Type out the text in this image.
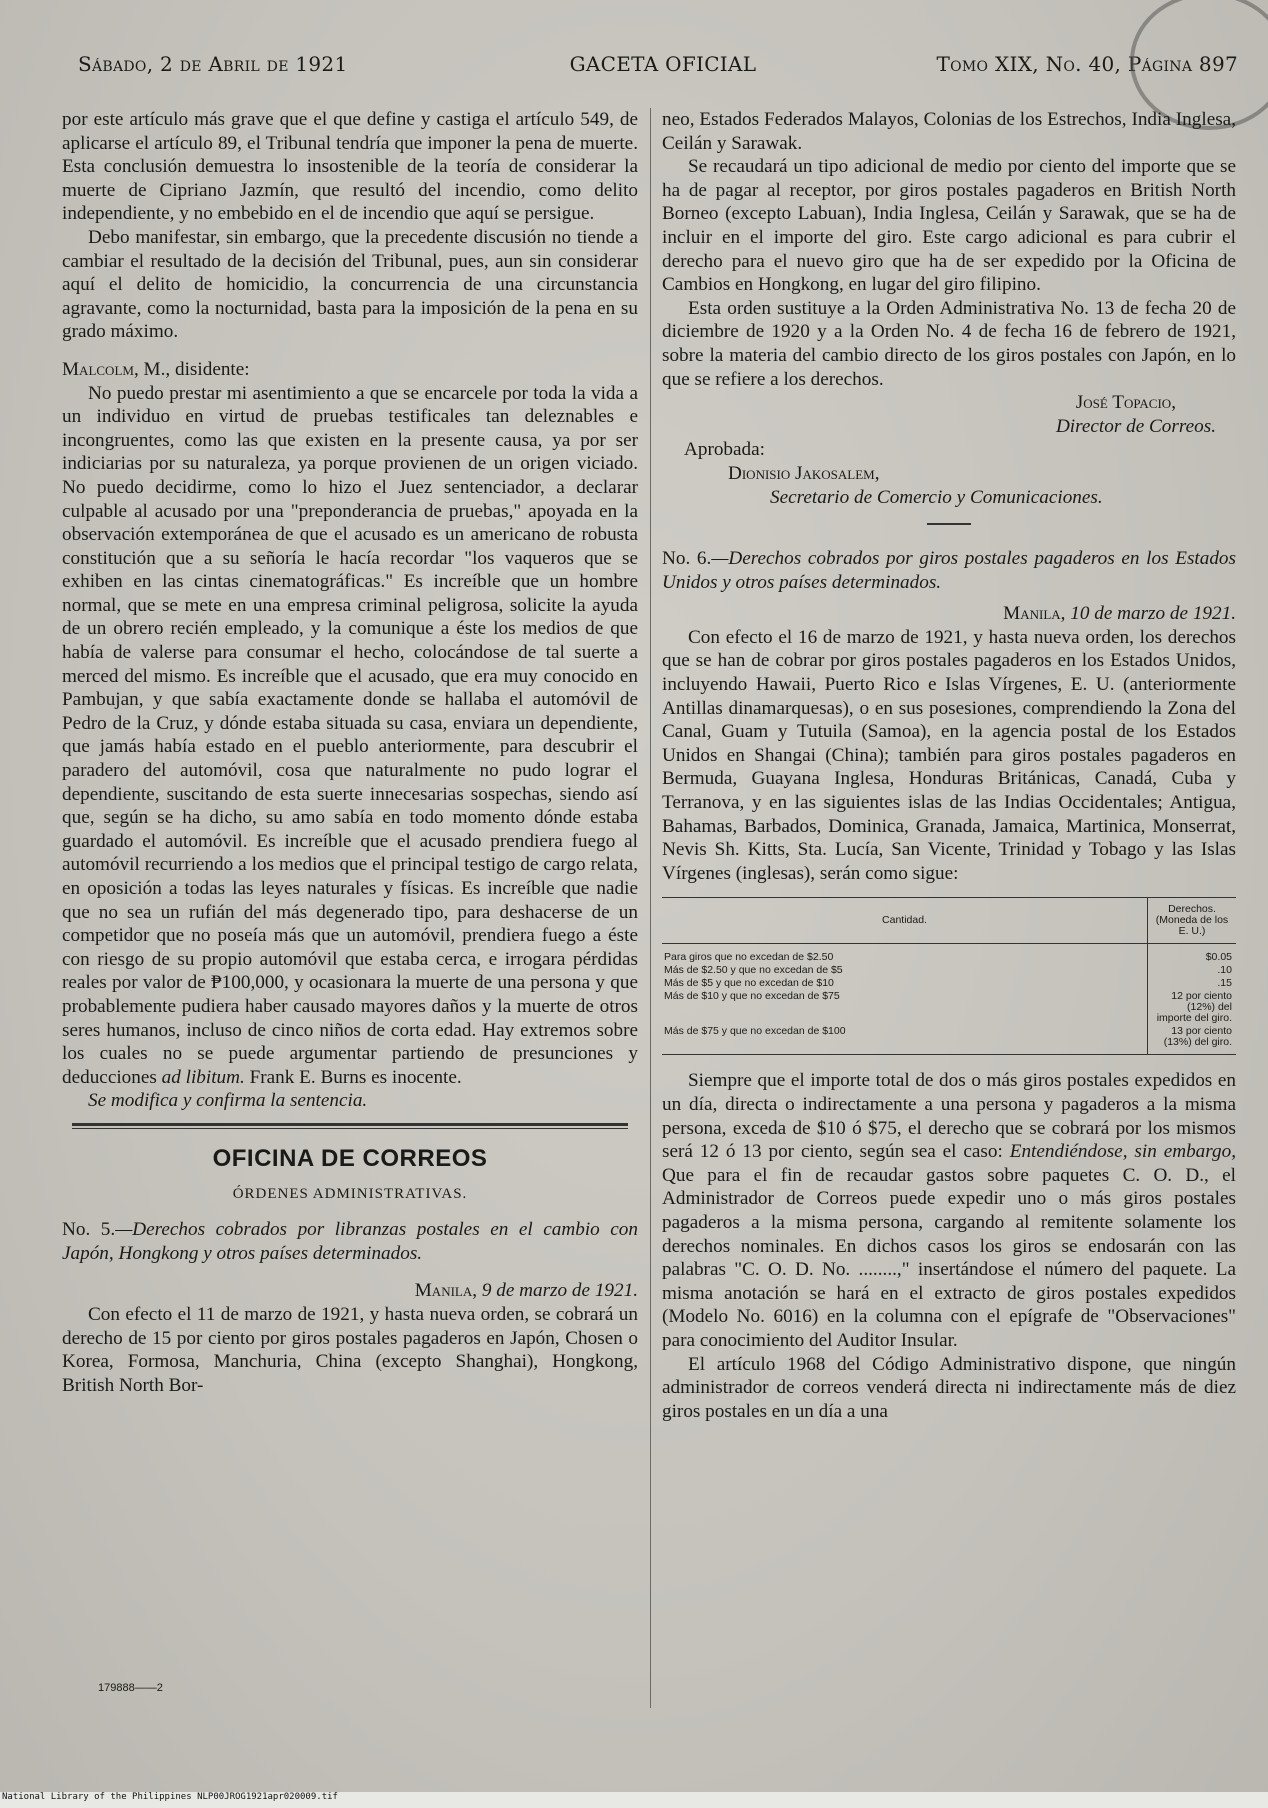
Sábado, 2 de Abril de 1921	GACETA OFICIAL	Tomo XIX, No. 40, Página 897

por este artículo más grave que el que define y castiga el artículo 549, de aplicarse el artículo 89, el Tribunal tendría que imponer la pena de muerte. Esta conclusión demuestra lo insostenible de la teoría de considerar la muerte de Cipriano Jazmín, que resultó del incendio, como delito independiente, y no embebido en el de incendio que aquí se persigue.

Debo manifestar, sin embargo, que la precedente discusión no tiende a cambiar el resultado de la decisión del Tribunal, pues, aun sin considerar aquí el delito de homicidio, la concurrencia de una circunstancia agravante, como la nocturnidad, basta para la imposición de la pena en su grado máximo.

Malcolm, M., disidente:

No puedo prestar mi asentimiento a que se encarcele por toda la vida a un individuo en virtud de pruebas testificales tan deleznables e incongruentes, como las que existen en la presente causa, ya por ser indiciarias por su naturaleza, ya porque provienen de un origen viciado. No puedo decidirme, como lo hizo el Juez sentenciador, a declarar culpable al acusado por una "preponderancia de pruebas," apoyada en la observación extemporánea de que el acusado es un americano de robusta constitución que a su señoría le hacía recordar "los vaqueros que se exhiben en las cintas cinematográficas." Es increíble que un hombre normal, que se mete en una empresa criminal peligrosa, solicite la ayuda de un obrero recién empleado, y la comunique a éste los medios de que había de valerse para consumar el hecho, colocándose de tal suerte a merced del mismo. Es increíble que el acusado, que era muy conocido en Pambujan, y que sabía exactamente donde se hallaba el automóvil de Pedro de la Cruz, y dónde estaba situada su casa, enviara un dependiente, que jamás había estado en el pueblo anteriormente, para descubrir el paradero del automóvil, cosa que naturalmente no pudo lograr el dependiente, suscitando de esta suerte innecesarias sospechas, siendo así que, según se ha dicho, su amo sabía en todo momento dónde estaba guardado el automóvil. Es increíble que el acusado prendiera fuego al automóvil recurriendo a los medios que el principal testigo de cargo relata, en oposición a todas las leyes naturales y físicas. Es increíble que nadie que no sea un rufián del más degenerado tipo, para deshacerse de un competidor que no poseía más que un automóvil, prendiera fuego a éste con riesgo de su propio automóvil que estaba cerca, e irrogara pérdidas reales por valor de ₱100,000, y ocasionara la muerte de una persona y que probablemente pudiera haber causado mayores daños y la muerte de otros seres humanos, incluso de cinco niños de corta edad. Hay extremos sobre los cuales no se puede argumentar partiendo de presunciones y deducciones ad libitum. Frank E. Burns es inocente.

Se modifica y confirma la sentencia.

OFICINA DE CORREOS
ÓRDENES ADMINISTRATIVAS.

No. 5.—Derechos cobrados por libranzas postales en el cambio con Japón, Hongkong y otros países determinados.

Manila, 9 de marzo de 1921.

Con efecto el 11 de marzo de 1921, y hasta nueva orden, se cobrará un derecho de 15 por ciento por giros postales pagaderos en Japón, Chosen o Korea, Formosa, Manchuria, China (excepto Shanghai), Hongkong, British North Bor-

179888——2

neo, Estados Federados Malayos, Colonias de los Estrechos, India Inglesa, Ceilán y Sarawak.

Se recaudará un tipo adicional de medio por ciento del importe que se ha de pagar al receptor, por giros postales pagaderos en British North Borneo (excepto Labuan), India Inglesa, Ceilán y Sarawak, que se ha de incluir en el importe del giro. Este cargo adicional es para cubrir el derecho para el nuevo giro que ha de ser expedido por la Oficina de Cambios en Hongkong, en lugar del giro filipino.

Esta orden sustituye a la Orden Administrativa No. 13 de fecha 20 de diciembre de 1920 y a la Orden No. 4 de fecha 16 de febrero de 1921, sobre la materia del cambio directo de los giros postales con Japón, en lo que se refiere a los derechos.

José Topacio,

Director de Correos.

Aprobada:

Dionisio Jakosalem,

Secretario de Comercio y Comunicaciones.

No. 6.—Derechos cobrados por giros postales pagaderos en los Estados Unidos y otros países determinados.

Manila, 10 de marzo de 1921.

Con efecto el 16 de marzo de 1921, y hasta nueva orden, los derechos que se han de cobrar por giros postales pagaderos en los Estados Unidos, incluyendo Hawaii, Puerto Rico e Islas Vírgenes, E. U. (anteriormente Antillas dinamarquesas), o en sus posesiones, comprendiendo la Zona del Canal, Guam y Tutuila (Samoa), en la agencia postal de los Estados Unidos en Shangai (China); también para giros postales pagaderos en Bermuda, Guayana Inglesa, Honduras Británicas, Canadá, Cuba y Terranova, y en las siguientes islas de las Indias Occidentales; Antigua, Bahamas, Barbados, Dominica, Granada, Jamaica, Martinica, Monserrat, Nevis Sh. Kitts, Sta. Lucía, San Vicente, Trinidad y Tobago y las Islas Vírgenes (inglesas), serán como sigue:

Cantidad.	Derechos. (Moneda de los E. U.)
Para giros que no excedan de $2.50	$0.05
Más de $2.50 y que no excedan de $5	.10
Más de $5 y que no excedan de $10	.15
Más de $10 y que no excedan de $75	12 por ciento (12%) del importe del giro.
Más de $75 y que no excedan de $100	13 por ciento (13%) del giro.

Siempre que el importe total de dos o más giros postales expedidos en un día, directa o indirectamente a una persona y pagaderos a la misma persona, exceda de $10 ó $75, el derecho que se cobrará por los mismos será 12 ó 13 por ciento, según sea el caso: Entendiéndose, sin embargo, Que para el fin de recaudar gastos sobre paquetes C. O. D., el Administrador de Correos puede expedir uno o más giros postales pagaderos a la misma persona, cargando al remitente solamente los derechos nominales. En dichos casos los giros se endosarán con las palabras "C. O. D. No. ........," insertándose el número del paquete. La misma anotación se hará en el extracto de giros postales expedidos (Modelo No. 6016) en la columna con el epígrafe de "Observaciones" para conocimiento del Auditor Insular.

El artículo 1968 del Código Administrativo dispone, que ningún administrador de correos venderá directa ni indirectamente más de diez giros postales en un día a una

National Library of the Philippines NLP00JROG1921apr020009.tif
